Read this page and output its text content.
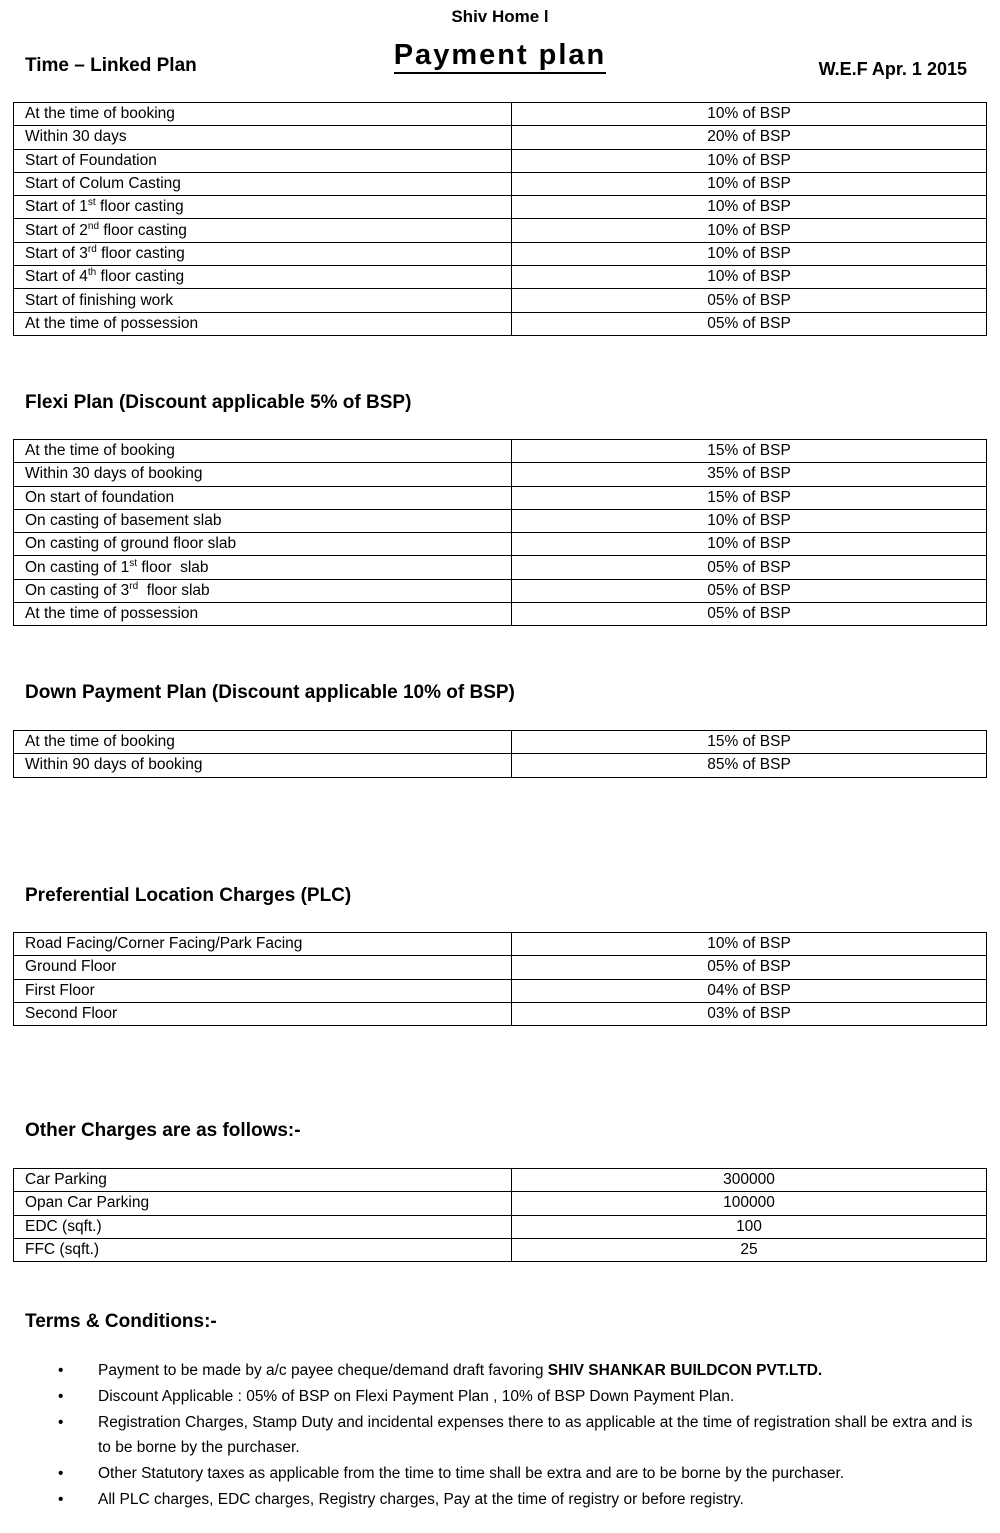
Shiv Home l
Payment plan
Time – Linked Plan	W.E.F Apr. 1 2015
At the time of booking	10% of BSP
Within 30 days	20% of BSP
Start of Foundation	10% of BSP
Start of Colum Casting	10% of BSP
Start of 1st floor casting	10% of BSP
Start of 2nd floor casting	10% of BSP
Start of 3rd floor casting	10% of BSP
Start of 4th floor casting	10% of BSP
Start of finishing work	05% of BSP
At the time of possession	05% of BSP
Flexi Plan (Discount applicable 5% of BSP)
At the time of booking	15% of BSP
Within 30 days of booking	35% of BSP
On start of foundation	15% of BSP
On casting of basement slab	10% of BSP
On casting of ground floor slab	10% of BSP
On casting of 1st floor  slab	05% of BSP
On casting of 3rd  floor slab	05% of BSP
At the time of possession	05% of BSP
Down Payment Plan (Discount applicable 10% of BSP)
At the time of booking	15% of BSP
Within 90 days of booking	85% of BSP
Preferential Location Charges (PLC)
Road Facing/Corner Facing/Park Facing	10% of BSP
Ground Floor	05% of BSP
First Floor	04% of BSP
Second Floor	03% of BSP
Other Charges are as follows:-
Car Parking	300000
Opan Car Parking	100000
EDC (sqft.)	100
FFC (sqft.)	25
Terms & Conditions:-
• Payment to be made by a/c payee cheque/demand draft favoring SHIV SHANKAR BUILDCON PVT.LTD.
• Discount Applicable : 05% of BSP on Flexi Payment Plan , 10% of BSP Down Payment Plan.
• Registration Charges, Stamp Duty and incidental expenses there to as applicable at the time of registration shall be extra and is to be borne by the purchaser.
• Other Statutory taxes as applicable from the time to time shall be extra and are to be borne by the purchaser.
• All PLC charges, EDC charges, Registry charges, Pay at the time of registry or before registry.
